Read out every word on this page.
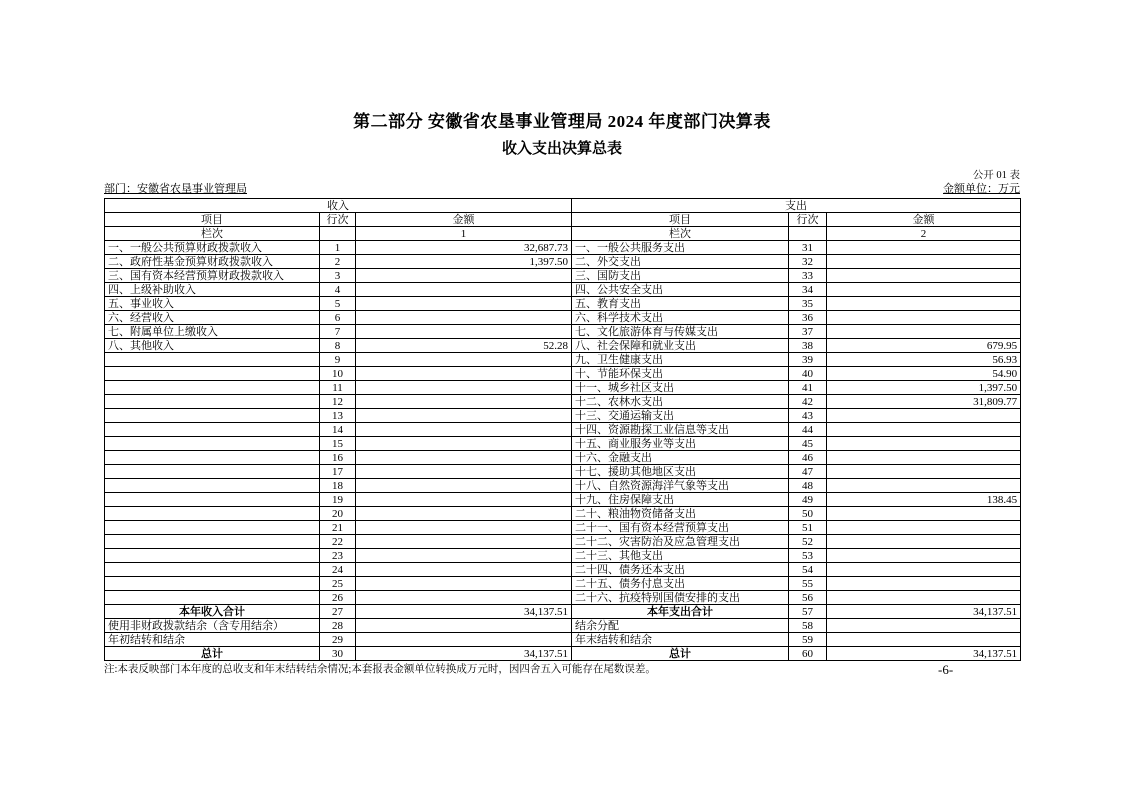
第二部分 安徽省农垦事业管理局 2024 年度部门决算表
收入支出决算总表
公开 01 表
部门：安徽省农垦事业管理局	金额单位：万元
收入			支出		
项目	行次	金额	项目	行次	金额
栏次		1	栏次		2
一、一般公共预算财政拨款收入	1	32,687.73	一、一般公共服务支出	31	
二、政府性基金预算财政拨款收入	2	1,397.50	二、外交支出	32	
三、国有资本经营预算财政拨款收入	3		三、国防支出	33	
四、上级补助收入	4		四、公共安全支出	34	
五、事业收入	5		五、教育支出	35	
六、经营收入	6		六、科学技术支出	36	
七、附属单位上缴收入	7		七、文化旅游体育与传媒支出	37	
八、其他收入	8	52.28	八、社会保障和就业支出	38	679.95
	9		九、卫生健康支出	39	56.93
	10		十、节能环保支出	40	54.90
	11		十一、城乡社区支出	41	1,397.50
	12		十二、农林水支出	42	31,809.77
	13		十三、交通运输支出	43	
	14		十四、资源勘探工业信息等支出	44	
	15		十五、商业服务业等支出	45	
	16		十六、金融支出	46	
	17		十七、援助其他地区支出	47	
	18		十八、自然资源海洋气象等支出	48	
	19		十九、住房保障支出	49	138.45
	20		二十、粮油物资储备支出	50	
	21		二十一、国有资本经营预算支出	51	
	22		二十二、灾害防治及应急管理支出	52	
	23		二十三、其他支出	53	
	24		二十四、债务还本支出	54	
	25		二十五、债务付息支出	55	
	26		二十六、抗疫特别国债安排的支出	56	
本年收入合计	27	34,137.51	本年支出合计	57	34,137.51
使用非财政拨款结余（含专用结余）	28		结余分配	58	
年初结转和结余	29		年末结转和结余	59	
总计	30	34,137.51	总计	60	34,137.51
注:本表反映部门本年度的总收支和年末结转结余情况;本套报表金额单位转换成万元时，因四舍五入可能存在尾数误差。	-6-
